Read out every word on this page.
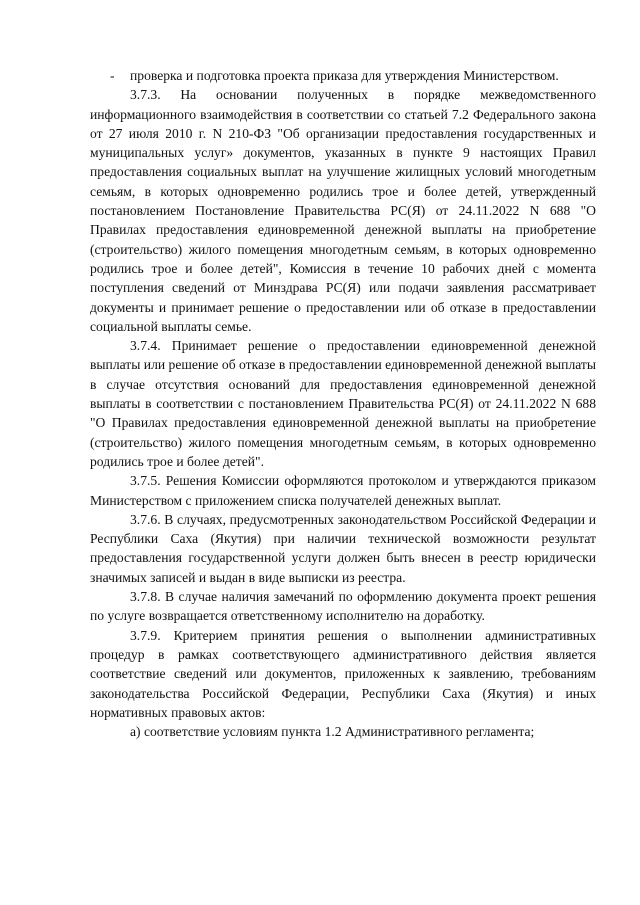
- проверка и подготовка проекта приказа для утверждения Министерством.

3.7.3. На основании полученных в порядке межведомственного информационного взаимодействия в соответствии со статьей 7.2 Федерального закона от 27 июля 2010 г. N 210-ФЗ "Об организации предоставления государственных и муниципальных услуг» документов, указанных в пункте 9 настоящих Правил предоставления социальных выплат на улучшение жилищных условий многодетным семьям, в которых одновременно родились трое и более детей, утвержденный постановлением Постановление Правительства РС(Я) от 24.11.2022 N 688 "О Правилах предоставления единовременной денежной выплаты на приобретение (строительство) жилого помещения многодетным семьям, в которых одновременно родились трое и более детей", Комиссия в течение 10 рабочих дней с момента поступления сведений от Минздрава РС(Я) или подачи заявления рассматривает документы и принимает решение о предоставлении или об отказе в предоставлении социальной выплаты семье.

3.7.4. Принимает решение о предоставлении единовременной денежной выплаты или решение об отказе в предоставлении единовременной денежной выплаты в случае отсутствия оснований для предоставления единовременной денежной выплаты в соответствии с постановлением Правительства РС(Я) от 24.11.2022 N 688 "О Правилах предоставления единовременной денежной выплаты на приобретение (строительство) жилого помещения многодетным семьям, в которых одновременно родились трое и более детей".

3.7.5. Решения Комиссии оформляются протоколом и утверждаются приказом Министерством с приложением списка получателей денежных выплат.

3.7.6. В случаях, предусмотренных законодательством Российской Федерации и Республики Саха (Якутия) при наличии технической возможности результат предоставления государственной услуги должен быть внесен в реестр юридически значимых записей и выдан в виде выписки из реестра.

3.7.8. В случае наличия замечаний по оформлению документа проект решения по услуге возвращается ответственному исполнителю на доработку.

3.7.9. Критерием принятия решения о выполнении административных процедур в рамках соответствующего административного действия является соответствие сведений или документов, приложенных к заявлению, требованиям законодательства Российской Федерации, Республики Саха (Якутия) и иных нормативных правовых актов:

а) соответствие условиям пункта 1.2 Административного регламента;
